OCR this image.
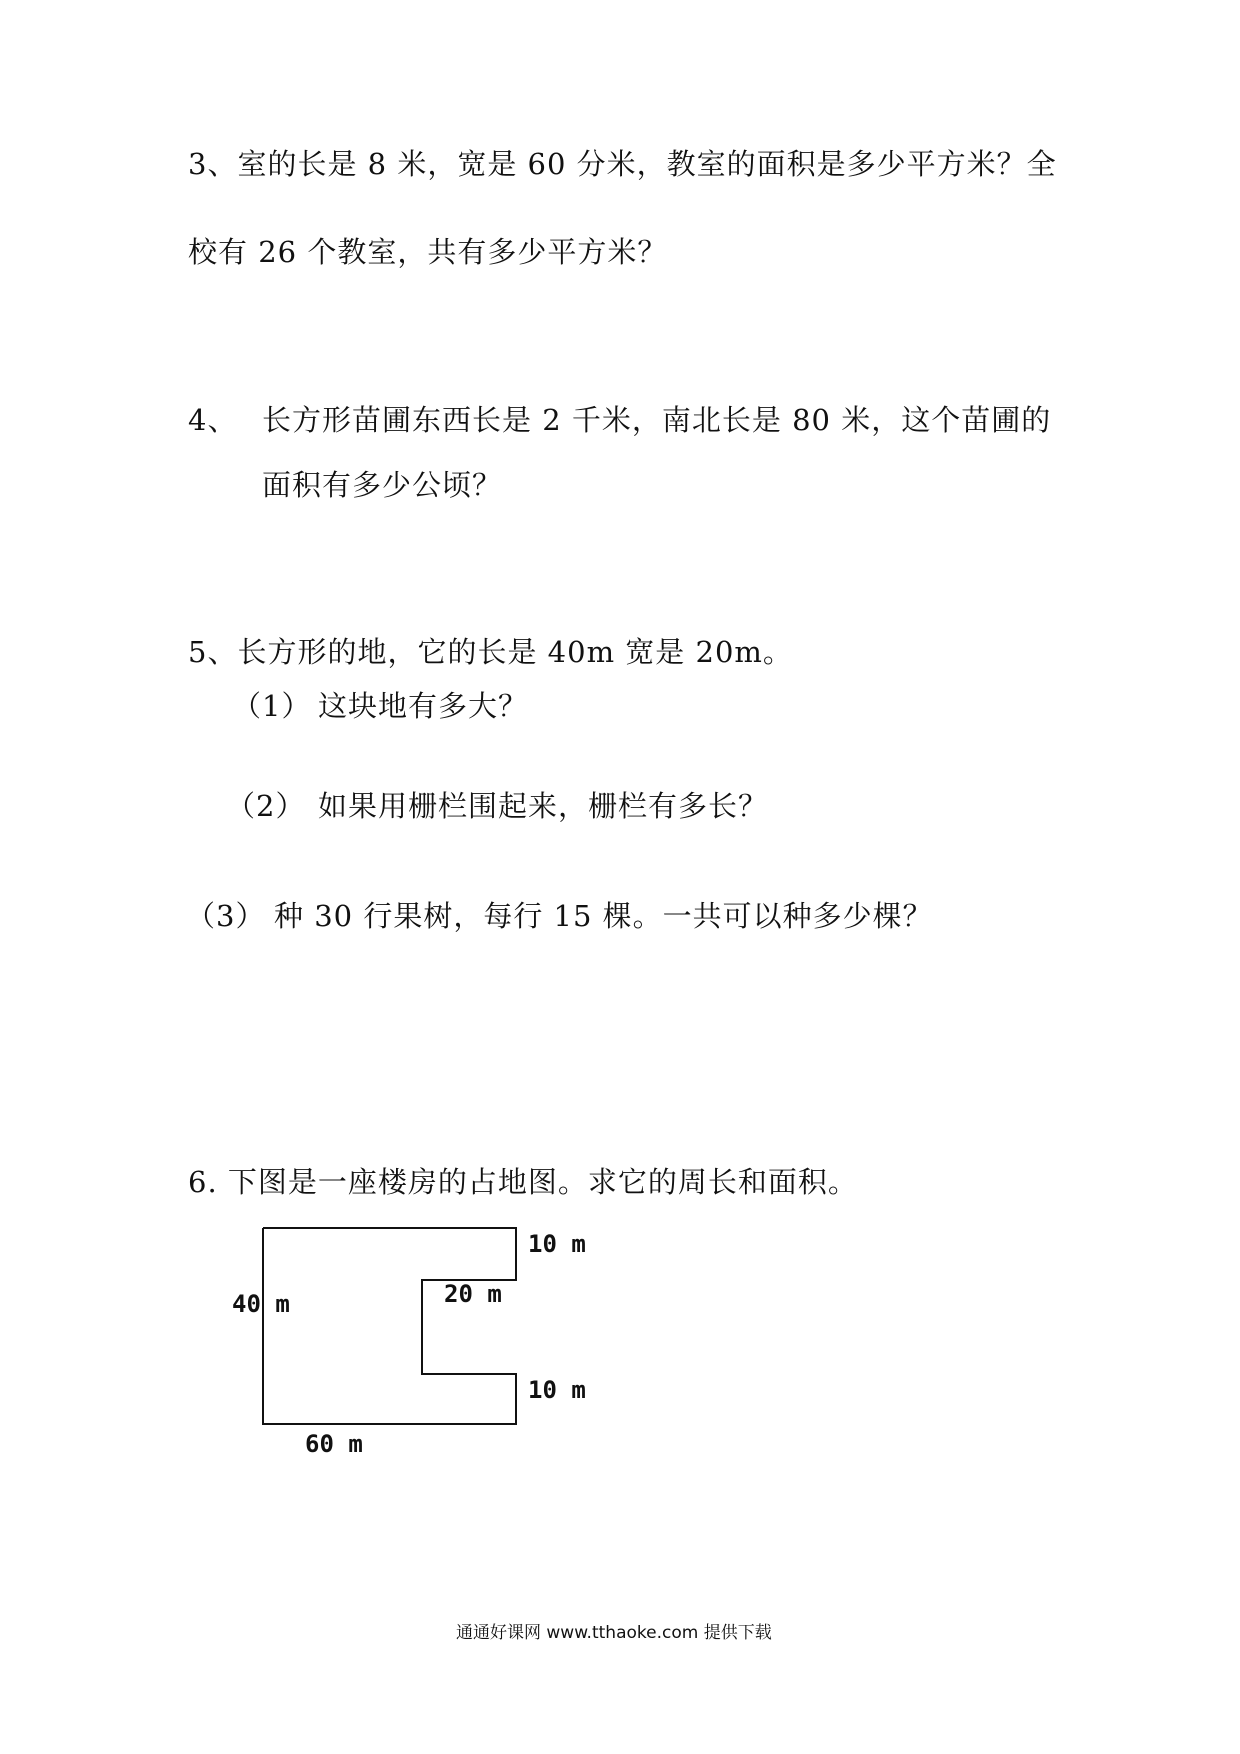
3、室的长是 8 米，宽是 60 分米，教室的面积是多少平方米？全
校有 26 个教室，共有多少平方米？
4、 长方形苗圃东西长是 2 千米，南北长是 80 米，这个苗圃的
面积有多少公顷？
5、长方形的地，它的长是 40m 宽是 20m。
（1） 这块地有多大？
（2） 如果用栅栏围起来，栅栏有多长？
（3） 种 30 行果树，每行 15 棵。一共可以种多少棵？
6. 下图是一座楼房的占地图。求它的周长和面积。
10 m
20 m
40 m
10 m
60 m
通通好课网 www.tthaoke.com 提供下载
